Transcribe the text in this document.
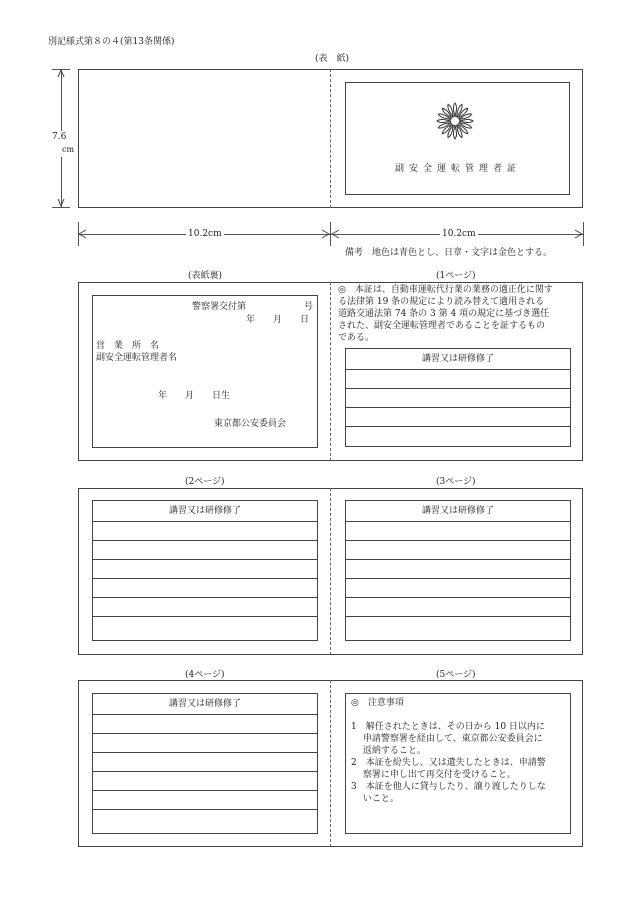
別記様式第８の４(第13条関係)
(表　紙)
7.6
cm
副安全運転管理者証
10.2cm	10.2cm
備考　地色は青色とし、日章・文字は金色とする。
(表紙裏)	(1ページ)
警察署交付第	号
年　　月　　日
営　業　所　名
副安全運転管理者名
年　　月　　日生
東京都公安委員会
◎　本証は、自動車運転代行業の業務の適正化に関す
る法律第 19 条の規定により読み替えて適用される
道路交通法第 74 条の 3 第 4 項の規定に基づき選任
された、副安全運転管理者であることを証するもの
である。
講習又は研修修了
(2ページ)	(3ページ)
講習又は研修修了	講習又は研修修了
(4ページ)	(5ページ)
講習又は研修修了	◎　注意事項
1　解任されたときは、その日から 10 日以内に
　 申請警察署を経由して、東京都公安委員会に
　 返納すること。
2　本証を紛失し、又は遺失したときは、申請警
　 察署に申し出て再交付を受けること。
3　本証を他人に貸与したり、譲り渡したりしな
　 いこと。
